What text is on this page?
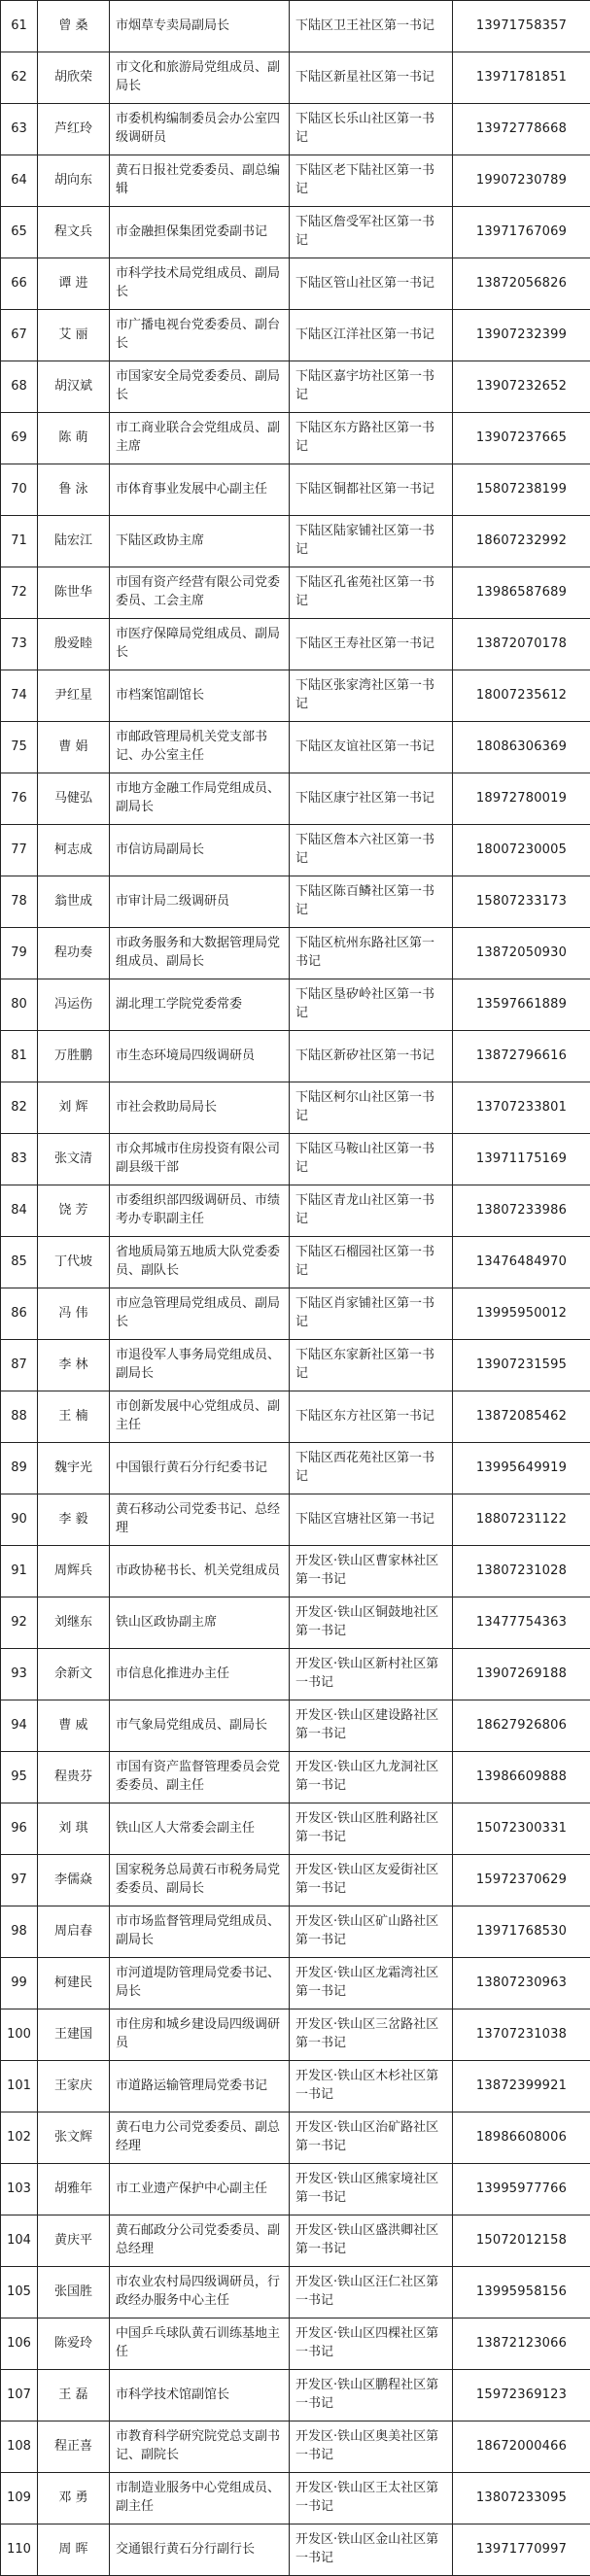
61	曾 桑	市烟草专卖局副局长	下陆区卫王社区第一书记	13971758357
62	胡欣荣	市文化和旅游局党组成员、副局长	下陆区新星社区第一书记	13971781851
63	芦红玲	市委机构编制委员会办公室四级调研员	下陆区长乐山社区第一书记	13972778668
64	胡向东	黄石日报社党委委员、副总编辑	下陆区老下陆社区第一书记	19907230789
65	程文兵	市金融担保集团党委副书记	下陆区詹受军社区第一书记	13971767069
66	谭 进	市科学技术局党组成员、副局长	下陆区管山社区第一书记	13872056826
67	艾 丽	市广播电视台党委委员、副台长	下陆区江洋社区第一书记	13907232399
68	胡汉斌	市国家安全局党委委员、副局长	下陆区嘉宇坊社区第一书记	13907232652
69	陈 萌	市工商业联合会党组成员、副主席	下陆区东方路社区第一书记	13907237665
70	鲁 泳	市体育事业发展中心副主任	下陆区铜都社区第一书记	15807238199
71	陆宏江	下陆区政协主席	下陆区陆家铺社区第一书记	18607232992
72	陈世华	市国有资产经营有限公司党委委员、工会主席	下陆区孔雀苑社区第一书记	13986587689
73	殷爱睦	市医疗保障局党组成员、副局长	下陆区王寿社区第一书记	13872070178
74	尹红星	市档案馆副馆长	下陆区张家湾社区第一书记	18007235612
75	曹 娟	市邮政管理局机关党支部书记、办公室主任	下陆区友谊社区第一书记	18086306369
76	马健弘	市地方金融工作局党组成员、副局长	下陆区康宁社区第一书记	18972780019
77	柯志成	市信访局副局长	下陆区詹本六社区第一书记	18007230005
78	翁世成	市审计局二级调研员	下陆区陈百鳞社区第一书记	15807233173
79	程功奏	市政务服务和大数据管理局党组成员、副局长	下陆区杭州东路社区第一书记	13872050930
80	冯运伤	湖北理工学院党委常委	下陆区垦矽岭社区第一书记	13597661889
81	万胜鹏	市生态环境局四级调研员	下陆区新矽社区第一书记	13872796616
82	刘 辉	市社会救助局局长	下陆区柯尔山社区第一书记	13707233801
83	张文清	市众邦城市住房投资有限公司副县级干部	下陆区马鞍山社区第一书记	13971175169
84	饶 芳	市委组织部四级调研员、市绩考办专职副主任	下陆区青龙山社区第一书记	13807233986
85	丁代坡	省地质局第五地质大队党委委员、副队长	下陆区石榴园社区第一书记	13476484970
86	冯 伟	市应急管理局党组成员、副局长	下陆区肖家铺社区第一书记	13995950012
87	李 林	市退役军人事务局党组成员、副局长	下陆区东家新社区第一书记	13907231595
88	王 楠	市创新发展中心党组成员、副主任	下陆区东方社区第一书记	13872085462
89	魏宇光	中国银行黄石分行纪委书记	下陆区西花苑社区第一书记	13995649919
90	李 毅	黄石移动公司党委书记、总经理	下陆区宫塘社区第一书记	18807231122
91	周辉兵	市政协秘书长、机关党组成员	开发区·铁山区曹家林社区第一书记	13807231028
92	刘继东	铁山区政协副主席	开发区·铁山区铜鼓地社区第一书记	13477754363
93	余新文	市信息化推进办主任	开发区·铁山区新村社区第一书记	13907269188
94	曹 威	市气象局党组成员、副局长	开发区·铁山区建设路社区第一书记	18627926806
95	程贵芬	市国有资产监督管理委员会党委委员、副主任	开发区·铁山区九龙洞社区第一书记	13986609888
96	刘 琪	铁山区人大常委会副主任	开发区·铁山区胜利路社区第一书记	15072300331
97	李儒焱	国家税务总局黄石市税务局党委委员、副局长	开发区·铁山区友爱街社区第一书记	15972370629
98	周启春	市市场监督管理局党组成员、副局长	开发区·铁山区矿山路社区第一书记	13971768530
99	柯建民	市河道堤防管理局党委书记、局长	开发区·铁山区龙霜湾社区第一书记	13807230963
100	王建国	市住房和城乡建设局四级调研员	开发区·铁山区三岔路社区第一书记	13707231038
101	王家庆	市道路运输管理局党委书记	开发区·铁山区木杉社区第一书记	13872399921
102	张文辉	黄石电力公司党委委员、副总经理	开发区·铁山区治矿路社区第一书记	18986608006
103	胡雅年	市工业遗产保护中心副主任	开发区·铁山区熊家境社区第一书记	13995977766
104	黄庆平	黄石邮政分公司党委委员、副总经理	开发区·铁山区盛洪卿社区第一书记	15072012158
105	张国胜	市农业农村局四级调研员，行政经办服务中心主任	开发区·铁山区汪仁社区第一书记	13995958156
106	陈爱玲	中国乒乓球队黄石训练基地主任	开发区·铁山区四棵社区第一书记	13872123066
107	王 磊	市科学技术馆副馆长	开发区·铁山区鹏程社区第一书记	15972369123
108	程正喜	市教育科学研究院党总支副书记、副院长	开发区·铁山区奥美社区第一书记	18672000466
109	邓 勇	市制造业服务中心党组成员、副主任	开发区·铁山区王太社区第一书记	13807233095
110	周 晖	交通银行黄石分行副行长	开发区·铁山区金山社区第一书记	13971770997
